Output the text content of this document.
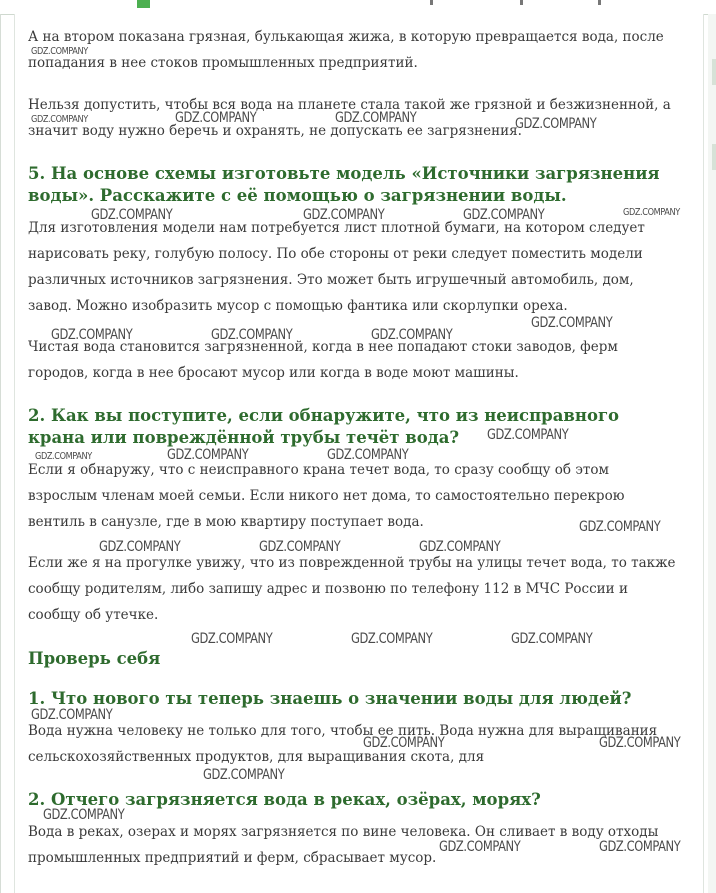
А на втором показана грязная, булькающая жижа, в которую превращается вода, после попадания в нее стоков промышленных предприятий.

Нельзя допустить, чтобы вся вода на планете стала такой же грязной и безжизненной, а значит воду нужно беречь и охранять, не допускать ее загрязнения.

5. На основе схемы изготовьте модель «Источники загрязнения воды». Расскажите с её помощью о загрязнении воды.

Для изготовления модели нам потребуется лист плотной бумаги, на котором следует нарисовать реку, голубую полосу. По обе стороны от реки следует поместить модели различных источников загрязнения. Это может быть игрушечный автомобиль, дом, завод. Можно изобразить мусор с помощью фантика или скорлупки ореха.

Чистая вода становится загрязненной, когда в нее попадают стоки заводов, ферм городов, когда в нее бросают мусор или когда в воде моют машины.

2. Как вы поступите, если обнаружите, что из неисправного крана или повреждённой трубы течёт вода?

Если я обнаружу, что с неисправного крана течет вода, то сразу сообщу об этом взрослым членам моей семьи. Если никого нет дома, то самостоятельно перекрою вентиль в санузле, где в мою квартиру поступает вода.

Если же я на прогулке увижу, что из поврежденной трубы на улицы течет вода, то также сообщу родителям, либо запишу адрес и позвоню по телефону 112 в МЧС России и сообщу об утечке.

Проверь себя
1. Что нового ты теперь знаешь о значении воды для людей?

Вода нужна человеку не только для того, чтобы ее пить. Вода нужна для выращивания сельскохозяйственных продуктов, для выращивания скота, для

2. Отчего загрязняется вода в реках, озёрах, морях?

Вода в реках, озерах и морях загрязняется по вине человека. Он сливает в воду отходы промышленных предприятий и ферм, сбрасывает мусор.

GDZ.COMPANY
GDZ.COMPANY	GDZ.COMPANY	GDZ.COMPANY	GDZ.COMPANY
GDZ.COMPANY	GDZ.COMPANY	GDZ.COMPANY	GDZ.COMPANY
GDZ.COMPANY
GDZ.COMPANY	GDZ.COMPANY	GDZ.COMPANY
GDZ.COMPANY
GDZ.COMPANY	GDZ.COMPANY	GDZ.COMPANY
GDZ.COMPANY
GDZ.COMPANY	GDZ.COMPANY	GDZ.COMPANY
GDZ.COMPANY	GDZ.COMPANY	GDZ.COMPANY
GDZ.COMPANY
GDZ.COMPANY	GDZ.COMPANY
GDZ.COMPANY
GDZ.COMPANY
GDZ.COMPANY	GDZ.COMPANY
